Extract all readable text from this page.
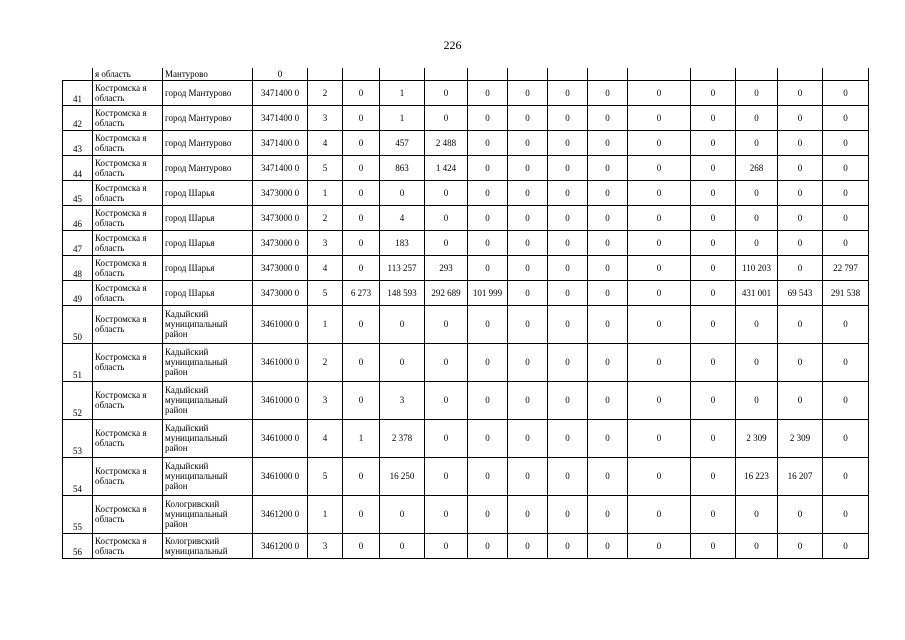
226
	я область	Мантурово	0													
41	Костромска я область	город Мантурово	3471400 0	2	0	1	0	0	0	0	0	0	0	0	0	0
42	Костромска я область	город Мантурово	3471400 0	3	0	1	0	0	0	0	0	0	0	0	0	0
43	Костромска я область	город Мантурово	3471400 0	4	0	457	2 488	0	0	0	0	0	0	0	0	0
44	Костромска я область	город Мантурово	3471400 0	5	0	863	1 424	0	0	0	0	0	0	268	0	0
45	Костромска я область	город Шарья	3473000 0	1	0	0	0	0	0	0	0	0	0	0	0	0
46	Костромска я область	город Шарья	3473000 0	2	0	4	0	0	0	0	0	0	0	0	0	0
47	Костромска я область	город Шарья	3473000 0	3	0	183	0	0	0	0	0	0	0	0	0	0
48	Костромска я область	город Шарья	3473000 0	4	0	113 257	293	0	0	0	0	0	0	110 203	0	22 797
49	Костромска я область	город Шарья	3473000 0	5	6 273	148 593	292 689	101 999	0	0	0	0	0	431 001	69 543	291 538
50	Костромска я область	Кадыйский муниципальный район	3461000 0	1	0	0	0	0	0	0	0	0	0	0	0	0
51	Костромска я область	Кадыйский муниципальный район	3461000 0	2	0	0	0	0	0	0	0	0	0	0	0	0
52	Костромска я область	Кадыйский муниципальный район	3461000 0	3	0	3	0	0	0	0	0	0	0	0	0	0
53	Костромска я область	Кадыйский муниципальный район	3461000 0	4	1	2 378	0	0	0	0	0	0	0	2 309	2 309	0
54	Костромска я область	Кадыйский муниципальный район	3461000 0	5	0	16 250	0	0	0	0	0	0	0	16 223	16 207	0
55	Костромска я область	Кологривский муниципальный район	3461200 0	1	0	0	0	0	0	0	0	0	0	0	0	0
56	Костромска я область	Кологривский муниципальный	3461200 0	3	0	0	0	0	0	0	0	0	0	0	0	0
